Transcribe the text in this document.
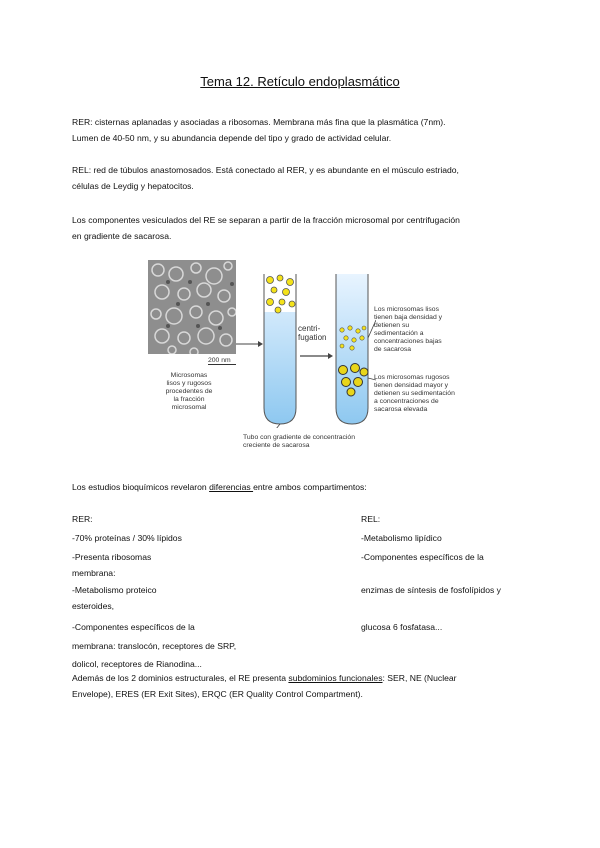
Tema 12. Retículo endoplasmático
RER: cisternas aplanadas y asociadas a ribosomas. Membrana más fina que la plasmática (7nm).
Lumen de 40-50 nm, y su abundancia depende del tipo y grado de actividad celular.
REL: red de túbulos anastomosados. Está conectado al RER, y es abundante en el músculo estriado,
células de Leydig y hepatocitos.
Los componentes vesiculados del RE se separan a partir de la fracción microsomal por centrifugación
en gradiente de sacarosa.
200 nm
Microsomas
lisos y rugosos
procedentes de
la fracción
microsomal
centri-
fugation
Tubo con gradiente de concentración
creciente de sacarosa
Los microsomas lisos
tienen baja densidad y
detienen su
sedimentación a
concentraciones bajas
de sacarosa
Los microsomas rugosos
tienen densidad mayor y
detienen su sedimentación
a concentraciones de
sacarosa elevada
Los estudios bioquímicos revelaron diferencias entre ambos compartimentos:
RER:
-70% proteínas / 30% lípidos
-Presenta ribosomas
membrana:
-Metabolismo proteico
esteroides,
-Componentes específicos de la
membrana: translocón, receptores de SRP,
dolicol, receptores de Rianodina...
REL:
-Metabolismo lipídico
-Componentes específicos de la
enzimas de síntesis de fosfolípidos y
glucosa 6 fosfatasa...
Además de los 2 dominios estructurales, el RE presenta subdominios funcionales: SER, NE (Nuclear
Envelope), ERES (ER Exit Sites), ERQC (ER Quality Control Compartment).
